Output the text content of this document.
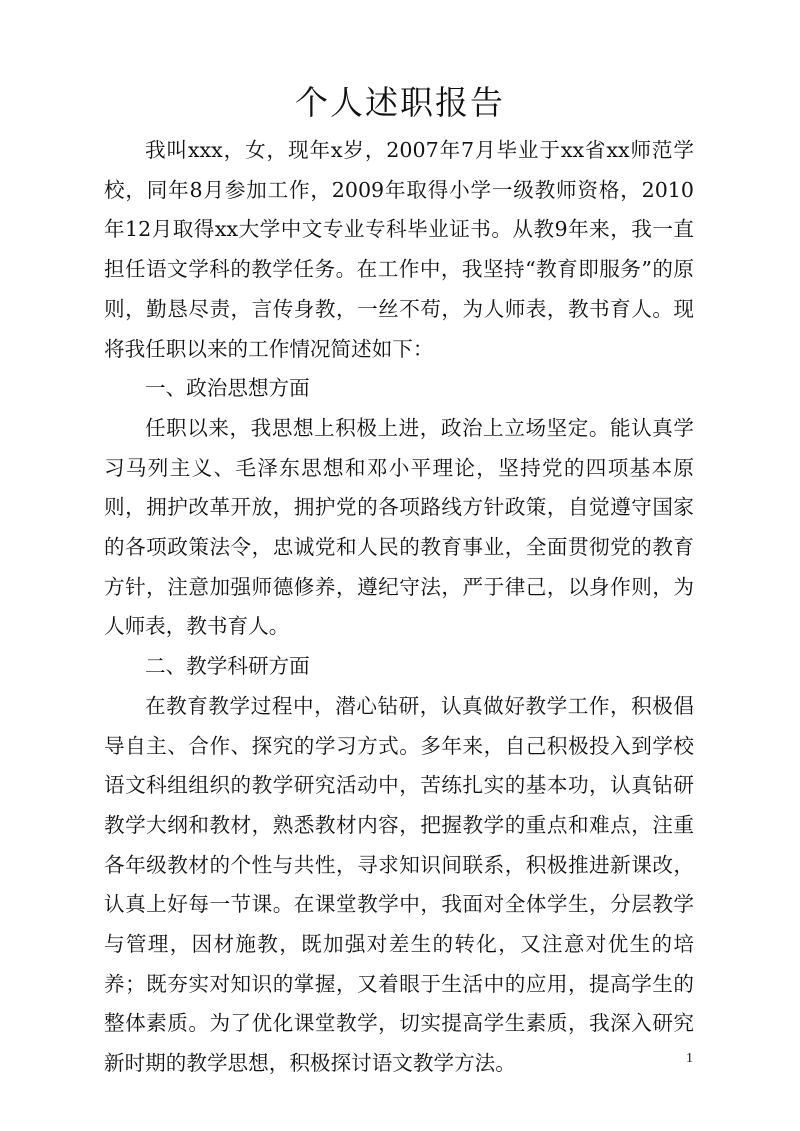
个人述职报告

我叫xxx，女，现年x岁，2007年7月毕业于xx省xx师范学校，同年8月参加工作，2009年取得小学一级教师资格，2010年12月取得xx大学中文专业专科毕业证书。从教9年来，我一直担任语文学科的教学任务。在工作中，我坚持“教育即服务”的原则，勤恳尽责，言传身教，一丝不苟，为人师表，教书育人。现将我任职以来的工作情况简述如下：

一、政治思想方面

任职以来，我思想上积极上进，政治上立场坚定。能认真学习马列主义、毛泽东思想和邓小平理论，坚持党的四项基本原则，拥护改革开放，拥护党的各项路线方针政策，自觉遵守国家的各项政策法令，忠诚党和人民的教育事业，全面贯彻党的教育方针，注意加强师德修养，遵纪守法，严于律己，以身作则，为人师表，教书育人。

二、教学科研方面

在教育教学过程中，潜心钻研，认真做好教学工作，积极倡导自主、合作、探究的学习方式。多年来，自己积极投入到学校语文科组组织的教学研究活动中，苦练扎实的基本功，认真钻研教学大纲和教材，熟悉教材内容，把握教学的重点和难点，注重各年级教材的个性与共性，寻求知识间联系，积极推进新课改，认真上好每一节课。在课堂教学中，我面对全体学生，分层教学与管理，因材施教，既加强对差生的转化，又注意对优生的培养；既夯实对知识的掌握，又着眼于生活中的应用，提高学生的整体素质。为了优化课堂教学，切实提高学生素质，我深入研究新时期的教学思想，积极探讨语文教学方法。	1
